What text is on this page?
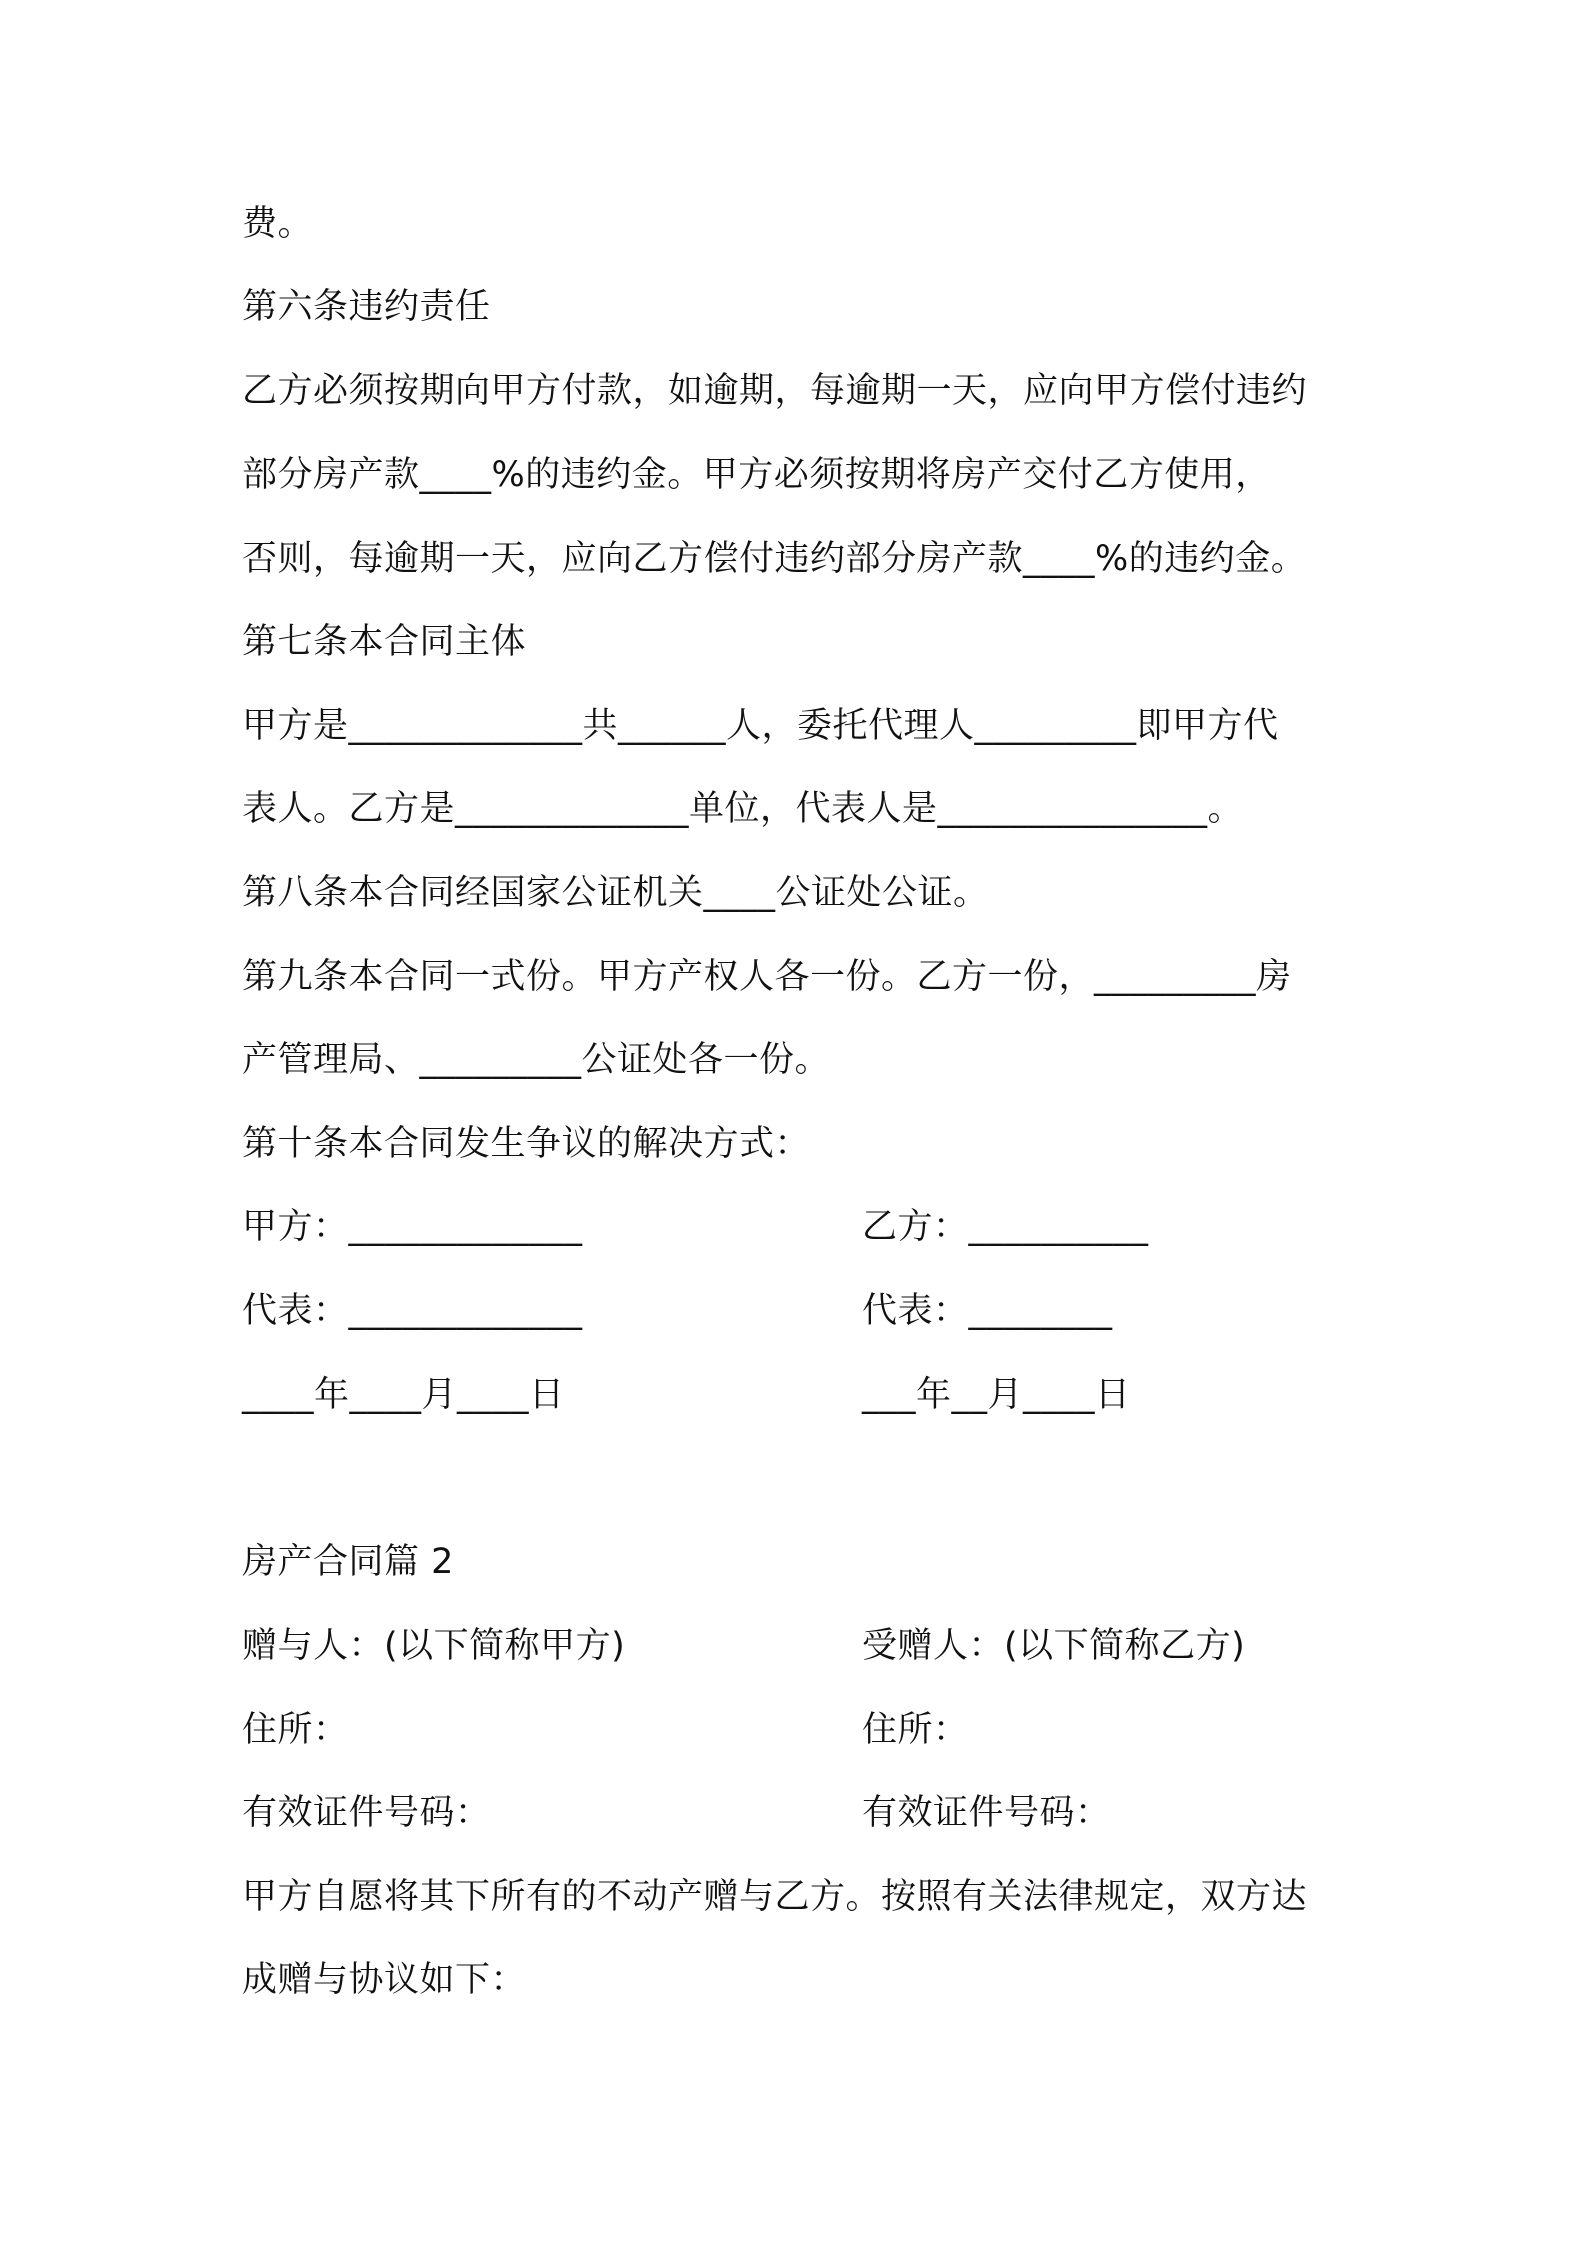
费。
第六条违约责任
乙方必须按期向甲方付款，如逾期，每逾期一天，应向甲方偿付违约
部分房产款____%的违约金。甲方必须按期将房产交付乙方使用，
否则，每逾期一天，应向乙方偿付违约部分房产款____%的违约金。
第七条本合同主体
甲方是_____________共______人，委托代理人_________即甲方代
表人。乙方是_____________单位，代表人是_______________。
第八条本合同经国家公证机关____公证处公证。
第九条本合同一式份。甲方产权人各一份。乙方一份，_________房
产管理局、_________公证处各一份。
第十条本合同发生争议的解决方式：
甲方：_____________	乙方：__________
代表：_____________	代表：________
____年____月____日	___年__月____日
房产合同篇 2
赠与人：(以下简称甲方)	受赠人：(以下简称乙方)
住所：	住所：
有效证件号码：	有效证件号码：
甲方自愿将其下所有的不动产赠与乙方。按照有关法律规定，双方达
成赠与协议如下：
